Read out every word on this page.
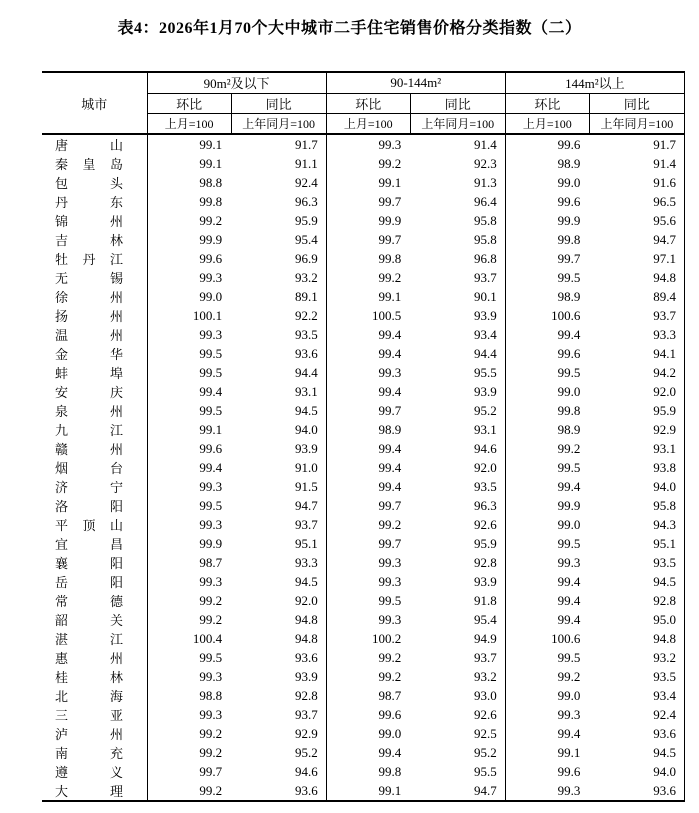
表4：2026年1月70个大中城市二手住宅销售价格分类指数（二）
城市	90m²及以下		90-144m²		144m²以上	
	环比	同比	环比	同比	环比	同比
	上月=100	上年同月=100	上月=100	上年同月=100	上月=100	上年同月=100
唐山	99.1	91.7	99.3	91.4	99.6	91.7
秦皇岛	99.1	91.1	99.2	92.3	98.9	91.4
包头	98.8	92.4	99.1	91.3	99.0	91.6
丹东	99.8	96.3	99.7	96.4	99.6	96.5
锦州	99.2	95.9	99.9	95.8	99.9	95.6
吉林	99.9	95.4	99.7	95.8	99.8	94.7
牡丹江	99.6	96.9	99.8	96.8	99.7	97.1
无锡	99.3	93.2	99.2	93.7	99.5	94.8
徐州	99.0	89.1	99.1	90.1	98.9	89.4
扬州	100.1	92.2	100.5	93.9	100.6	93.7
温州	99.3	93.5	99.4	93.4	99.4	93.3
金华	99.5	93.6	99.4	94.4	99.6	94.1
蚌埠	99.5	94.4	99.3	95.5	99.5	94.2
安庆	99.4	93.1	99.4	93.9	99.0	92.0
泉州	99.5	94.5	99.7	95.2	99.8	95.9
九江	99.1	94.0	98.9	93.1	98.9	92.9
赣州	99.6	93.9	99.4	94.6	99.2	93.1
烟台	99.4	91.0	99.4	92.0	99.5	93.8
济宁	99.3	91.5	99.4	93.5	99.4	94.0
洛阳	99.5	94.7	99.7	96.3	99.9	95.8
平顶山	99.3	93.7	99.2	92.6	99.0	94.3
宜昌	99.9	95.1	99.7	95.9	99.5	95.1
襄阳	98.7	93.3	99.3	92.8	99.3	93.5
岳阳	99.3	94.5	99.3	93.9	99.4	94.5
常德	99.2	92.0	99.5	91.8	99.4	92.8
韶关	99.2	94.8	99.3	95.4	99.4	95.0
湛江	100.4	94.8	100.2	94.9	100.6	94.8
惠州	99.5	93.6	99.2	93.7	99.5	93.2
桂林	99.3	93.9	99.2	93.2	99.2	93.5
北海	98.8	92.8	98.7	93.0	99.0	93.4
三亚	99.3	93.7	99.6	92.6	99.3	92.4
泸州	99.2	92.9	99.0	92.5	99.4	93.6
南充	99.2	95.2	99.4	95.2	99.1	94.5
遵义	99.7	94.6	99.8	95.5	99.6	94.0
大理	99.2	93.6	99.1	94.7	99.3	93.6
